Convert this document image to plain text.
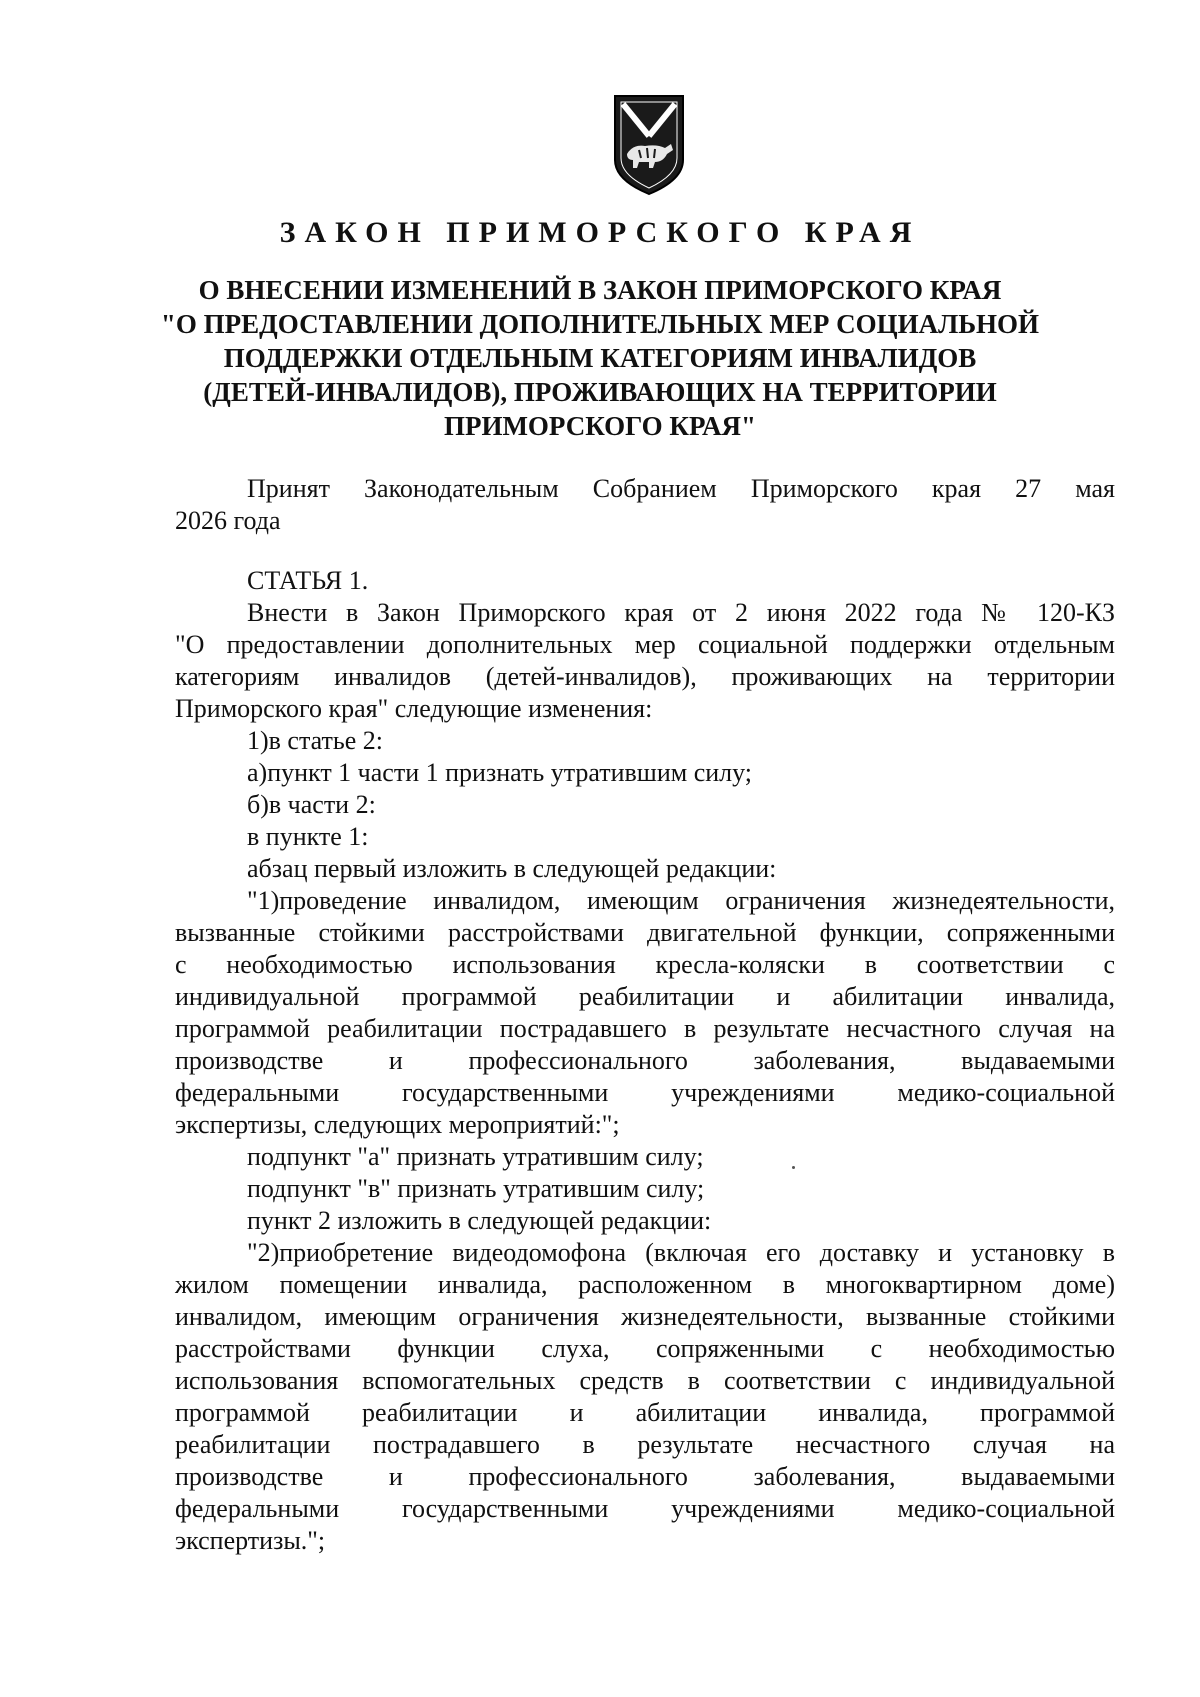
ЗАКОН ПРИМОРСКОГО КРАЯ
О ВНЕСЕНИИ ИЗМЕНЕНИЙ В ЗАКОН ПРИМОРСКОГО КРАЯ
"О ПРЕДОСТАВЛЕНИИ ДОПОЛНИТЕЛЬНЫХ МЕР СОЦИАЛЬНОЙ
ПОДДЕРЖКИ ОТДЕЛЬНЫМ КАТЕГОРИЯМ ИНВАЛИДОВ
(ДЕТЕЙ-ИНВАЛИДОВ), ПРОЖИВАЮЩИХ НА ТЕРРИТОРИИ
ПРИМОРСКОГО КРАЯ"
Принят Законодательным Собранием Приморского края 27 мая
2026 года
СТАТЬЯ 1.
Внести в Закон Приморского края от 2 июня 2022 года № 120-КЗ
"О предоставлении дополнительных мер социальной поддержки отдельным
категориям инвалидов (детей-инвалидов), проживающих на территории
Приморского края" следующие изменения:
1)в статье 2:
а)пункт 1 части 1 признать утратившим силу;
б)в части 2:
в пункте 1:
абзац первый изложить в следующей редакции:
"1)проведение инвалидом, имеющим ограничения жизнедеятельности,
вызванные стойкими расстройствами двигательной функции, сопряженными
с необходимостью использования кресла-коляски в соответствии с
индивидуальной программой реабилитации и абилитации инвалида,
программой реабилитации пострадавшего в результате несчастного случая на
производстве и профессионального заболевания, выдаваемыми
федеральными государственными учреждениями медико-социальной
экспертизы, следующих мероприятий:";
подпункт "а" признать утратившим силу;
подпункт "в" признать утратившим силу;
пункт 2 изложить в следующей редакции:
"2)приобретение видеодомофона (включая его доставку и установку в
жилом помещении инвалида, расположенном в многоквартирном доме)
инвалидом, имеющим ограничения жизнедеятельности, вызванные стойкими
расстройствами функции слуха, сопряженными с необходимостью
использования вспомогательных средств в соответствии с индивидуальной
программой реабилитации и абилитации инвалида, программой
реабилитации пострадавшего в результате несчастного случая на
производстве и профессионального заболевания, выдаваемыми
федеральными государственными учреждениями медико-социальной
экспертизы.";
